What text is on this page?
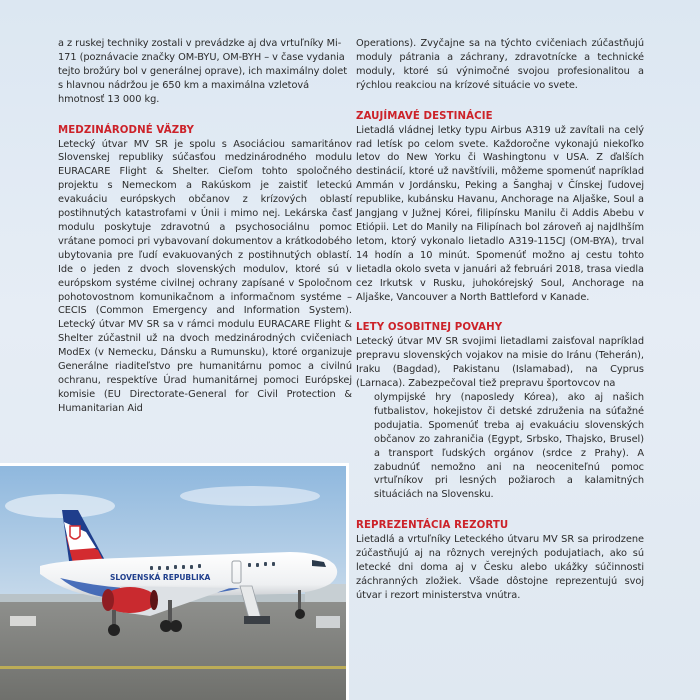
a z ruskej techniky zostali v prevádzke aj dva vrtuľníky Mi-171 (poznávacie značky OM-BYU, OM-BYH – v čase vydania tejto brožúry bol v generálnej oprave), ich maximálny dolet s hlavnou nádržou je 650 km a maximálna vzletová hmotnosť 13 000 kg.

MEDZINÁRODNÉ VÄZBY

Letecký útvar MV SR je spolu s Asociáciou samaritánov Slovenskej republiky súčasťou medzinárodného modulu EURACARE Flight & Shelter. Cieľom tohto spoločného projektu s Nemeckom a Rakúskom je zaistiť leteckú evakuáciu európskych občanov z krízových oblastí postihnutých katastrofami v Únii i mimo nej. Lekárska časť modulu poskytuje zdravotnú a psychosociálnu pomoc vrátane pomoci pri vybavovaní dokumentov a krátkodobého ubytovania pre ľudí evakuovaných z postihnutých oblastí. Ide o jeden z dvoch slovenských modulov, ktoré sú v európskom systéme civilnej ochrany zapísané v Spoločnom pohotovostnom komunikačnom a informačnom systéme – CECIS (Common Emergency and Information System). Letecký útvar MV SR sa v rámci modulu EURACARE Flight & Shelter zúčastnil už na dvoch medzinárodných cvičeniach ModEx (v Nemecku, Dánsku a Rumunsku), ktoré organizuje Generálne riaditeľstvo pre humanitárnu pomoc a civilnú ochranu, respektíve Úrad humanitárnej pomoci Európskej komisie (EU Directorate-General for Civil Protection & Humanitarian Aid

Operations). Zvyčajne sa na týchto cvičeniach zúčastňujú moduly pátrania a záchrany, zdravotnícke a technické moduly, ktoré sú výnimočné svojou profesionalitou a rýchlou reakciou na krízové situácie vo svete.

ZAUJÍMAVÉ DESTINÁCIE

Lietadlá vládnej letky typu Airbus A319 už zavítali na celý rad letísk po celom svete. Každoročne vykonajú niekoľko letov do New Yorku či Washingtonu v USA. Z ďalších destinácií, ktoré už navštívili, môžeme spomenúť napríklad Ammán v Jordánsku, Peking a Šanghaj v Čínskej ľudovej republike, kubánsku Havanu, Anchorage na Aljaške, Soul a Jangjang v Južnej Kórei, filipínsku Manilu či Addis Abebu v Etiópii. Let do Manily na Filipínach bol zároveň aj najdlhším letom, ktorý vykonalo lietadlo A319-115CJ (OM-BYA), trval 14 hodín a 10 minút. Spomenúť možno aj cestu tohto lietadla okolo sveta v januári až februári 2018, trasa viedla cez Irkutsk v Rusku, juhokórejský Soul, Anchorage na Aljaške, Vancouver a North Battleford v Kanade.

LETY OSOBITNEJ POVAHY

Letecký útvar MV SR svojimi lietadlami zaisťoval napríklad prepravu slovenských vojakov na misie do Iránu (Teherán), Iraku (Bagdad), Pakistanu (Islamabad), na Cyprus (Larnaca). Zabezpečoval tiež prepravu športovcov na

olympijské hry (naposledy Kórea), ako aj našich futbalistov, hokejistov či detské združenia na súťažné podujatia. Spomenúť treba aj evakuáciu slovenských občanov zo zahraničia (Egypt, Srbsko, Thajsko, Brusel) a transport ľudských orgánov (srdce z Prahy). A zabudnúť nemožno ani na neocenitеľnú pomoc vrtuľníkov pri lesných požiaroch a kalamitných situáciách na Slovensku.

REPREZENTÁCIA REZORTU

Lietadlá a vrtuľníky Leteckého útvaru MV SR sa prirodzene zúčastňujú aj na rôznych verejných podujatiach, ako sú letecké dni doma aj v Česku alebo ukážky súčinnosti záchranných zložiek. Všade dôstojne reprezentujú svoj útvar i rezort ministerstva vnútra.

SLOVENSKÁ REPUBLIKA
